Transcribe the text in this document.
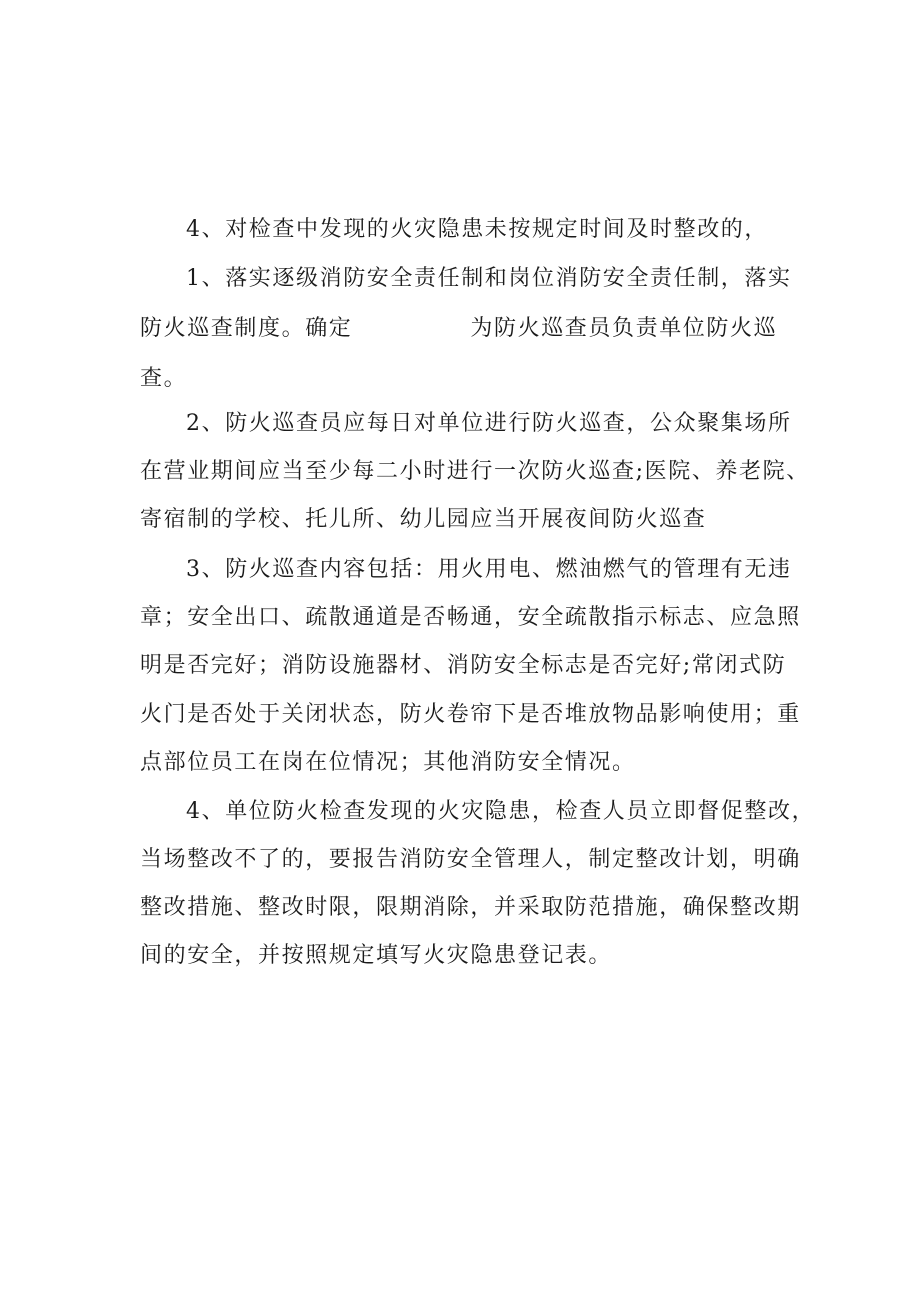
4、对检查中发现的火灾隐患未按规定时间及时整改的，
1、落实逐级消防安全责任制和岗位消防安全责任制，落实
防火巡查制度。确定　　　　　为防火巡查员负责单位防火巡
查。
2、防火巡查员应每日对单位进行防火巡查，公众聚集场所
在营业期间应当至少每二小时进行一次防火巡查;医院、养老院、
寄宿制的学校、托儿所、幼儿园应当开展夜间防火巡查
3、防火巡查内容包括：用火用电、燃油燃气的管理有无违
章；安全出口、疏散通道是否畅通，安全疏散指示标志、应急照
明是否完好；消防设施器材、消防安全标志是否完好;常闭式防
火门是否处于关闭状态，防火卷帘下是否堆放物品影响使用；重
点部位员工在岗在位情况；其他消防安全情况。
4、单位防火检查发现的火灾隐患，检查人员立即督促整改，
当场整改不了的，要报告消防安全管理人，制定整改计划，明确
整改措施、整改时限，限期消除，并采取防范措施，确保整改期
间的安全，并按照规定填写火灾隐患登记表。
